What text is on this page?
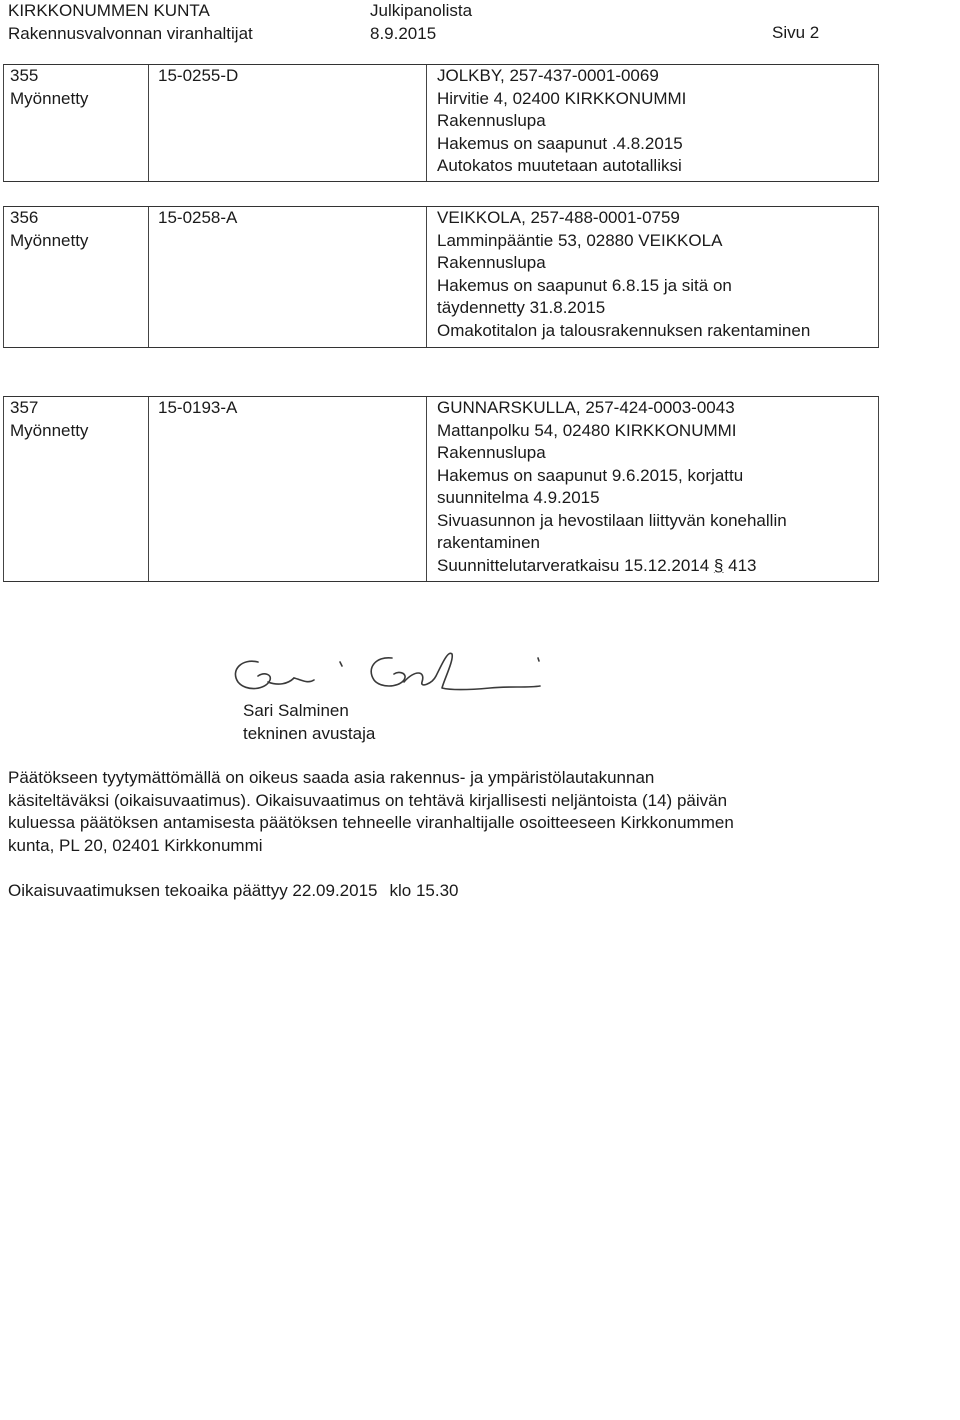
KIRKKONUMMEN KUNTA
Rakennusvalvonnan viranhaltijat
Julkipanolista
8.9.2015	Sivu 2
355
Myönnetty
15-0255-D	JOLKBY, 257-437-0001-0069
Hirvitie 4, 02400 KIRKKONUMMI
Rakennuslupa
Hakemus on saapunut .4.8.2015
Autokatos muutetaan autotalliksi
356
Myönnetty
15-0258-A	VEIKKOLA, 257-488-0001-0759
Lamminpääntie 53, 02880 VEIKKOLA
Rakennuslupa
Hakemus on saapunut 6.8.15 ja sitä on
täydennetty 31.8.2015
Omakotitalon ja talousrakennuksen rakentaminen
357
Myönnetty
15-0193-A	GUNNARSKULLA, 257-424-0003-0043
Mattanpolku 54, 02480 KIRKKONUMMI
Rakennuslupa
Hakemus on saapunut 9.6.2015, korjattu
suunnitelma 4.9.2015
Sivuasunnon ja hevostilaan liittyvän konehallin
rakentaminen
Suunnittelutarveratkaisu 15.12.2014 § 413
Sari Salminen
tekninen avustaja
Päätökseen tyytymättömällä on oikeus saada asia rakennus- ja ympäristölautakunnan
käsiteltäväksi (oikaisuvaatimus). Oikaisuvaatimus on tehtävä kirjallisesti neljäntoista (14) päivän
kuluessa päätöksen antamisesta päätöksen tehneelle viranhaltijalle osoitteeseen Kirkkonummen
kunta, PL 20, 02401 Kirkkonummi
Oikaisuvaatimuksen tekoaika päättyy 22.09.2015 klo 15.30
